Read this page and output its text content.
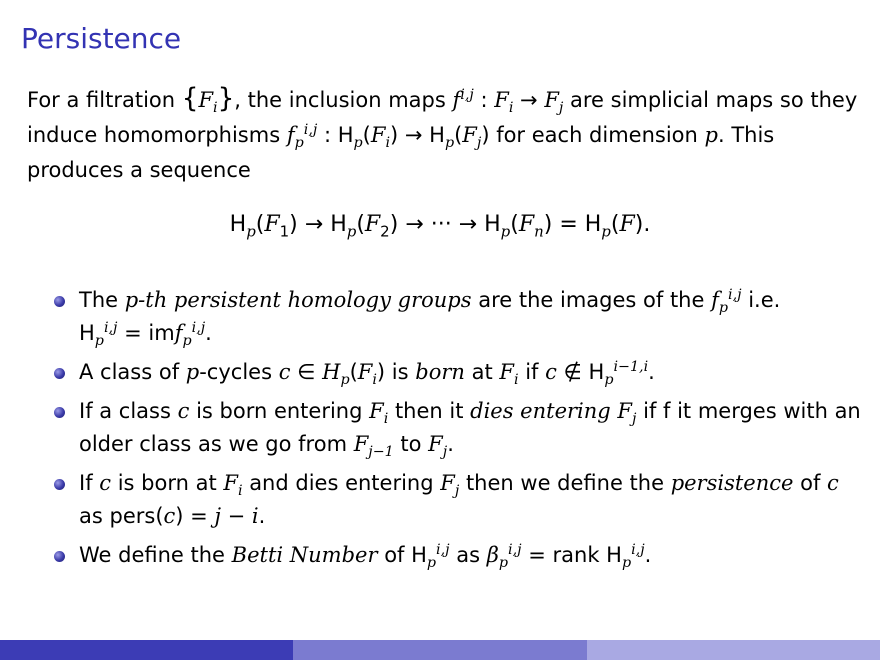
Persistence
For a filtration $\{F_i\}$, the inclusion maps $f^{i,j}$ : $F_i \to F_j$ are simplicial maps so they induce homomorphisms $f_p^{i,j}$ : $H_p(F_i) \to H_p(F_j)$ for each dimension p. This produces a sequence
$H_p(F_1) \to H_p(F_2)$ → ··· → $H_p(F_n) = H_p(F)$.
The p-th persistent homology groups are the images of the $f_p^{i,j}$ i.e.
$H_p^{i,j} = imf_p^{i,j}$.
A class of p-cycles c ∈ $H_p(F_i)$ is born at $F_i$ if c ∉ $H_p^{i-1,i}$.
If a class c is born entering $F_i$ then it dies entering $F_j$ if f it merges with an older class as we go from $F_{j-1}$ to $F_j$.
If c is born at $F_i$ and dies entering $F_j$ then we define the persistence of c as pers(c) = j − i.
We define the Betti Number of $H_p^{i,j}$ as $\beta_p^{i,j}$ = rank $H_p^{i,j}$.
